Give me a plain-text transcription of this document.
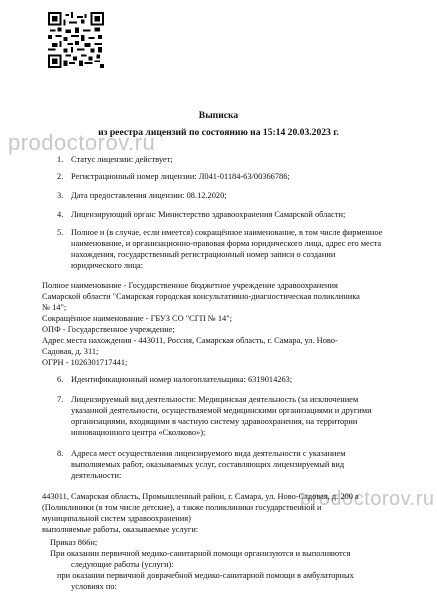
prodoctorov.ru
prodoctorov.ru
Выписка
из реестра лицензий по состоянию на 15:14 20.03.2023 г.
1. Статус лицензии: действует;
2. Регистрационный номер лицензии: Л041-01184-63/00366786;
3. Дата предоставления лицензии: 08.12.2020;
4. Лицензирующий орган: Министерство здравоохранения Самарской области;
5. Полное и (в случае, если имеется) сокращённое наименование, в том числе фирменное
наименование, и организационно-правовая форма юридического лица, адрес его места
нахождения, государственный регистрационный номер записи о создании
юридического лица:
Полное наименование - Государственное бюджетное учреждение здравоохранения
Самарской области "Самарская городская консультативно-диагностическая поликлиника
№ 14";
Сокращённое наименование - ГБУЗ СО "СГП № 14";
ОПФ - Государственное учреждение;
Адрес места нахождения - 443011, Россия, Самарская область, г. Самара, ул. Ново-
Садовая, д. 311;
ОГРН - 1026301717441;
6. Идентификационный номер налогоплательщика: 6319014263;
7. Лицензируемый вид деятельности: Медицинская деятельность (за исключением
указанной деятельности, осуществляемой медицинскими организациями и другими
организациями, входящими в частную систему здравоохранения, на территории
инновационного центра «Сколково»);
8. Адреса мест осуществления лицензируемого вида деятельности с указанием
выполняемых работ, оказываемых услуг, составляющих лицензируемый вид
деятельности:
443011, Самарская область, Промышленный район, г. Самара, ул. Ново-Садовая, д. 200 а
(Поликлиники (в том числе детские), а также поликлиники государственной и
муниципальной систем здравоохранения)
выполняемые работы, оказываемые услуги:
Приказ 866н;
При оказании первичной медико-санитарной помощи организуются и выполняются
следующие работы (услуги):
при оказании первичной доврачебной медико-санитарной помощи в амбулаторных
условиях по:
